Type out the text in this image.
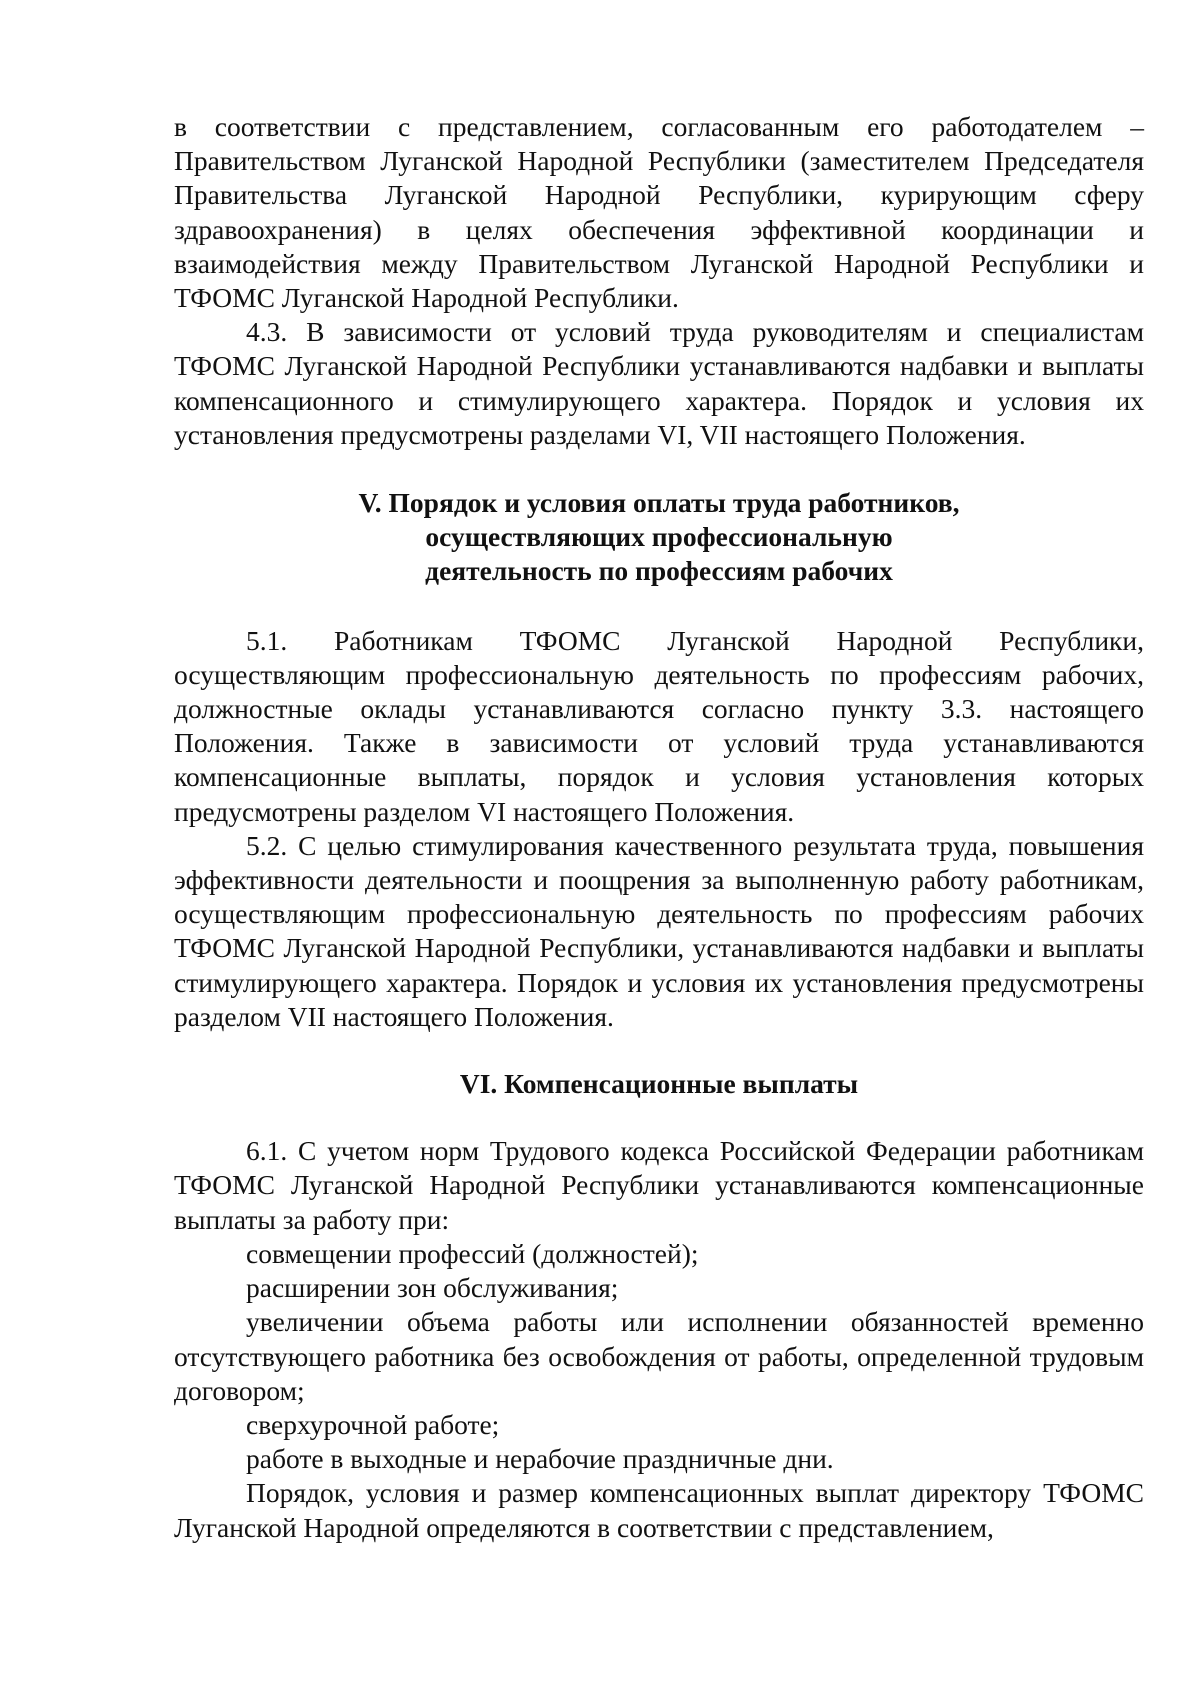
в соответствии с представлением, согласованным его работодателем – Правительством Луганской Народной Республики (заместителем Председателя Правительства Луганской Народной Республики, курирующим сферу здравоохранения) в целях обеспечения эффективной координации и взаимодействия между Правительством Луганской Народной Республики и ТФОМС Луганской Народной Республики.

4.3. В зависимости от условий труда руководителям и специалистам ТФОМС Луганской Народной Республики устанавливаются надбавки и выплаты компенсационного и стимулирующего характера. Порядок и условия их установления предусмотрены разделами VI, VII настоящего Положения.

V. Порядок и условия оплаты труда работников,

осуществляющих профессиональную

деятельность по профессиям рабочих

5.1. Работникам ТФОМС Луганской Народной Республики, осуществляющим профессиональную деятельность по профессиям рабочих, должностные оклады устанавливаются согласно пункту 3.3. настоящего Положения. Также в зависимости от условий труда устанавливаются компенсационные выплаты, порядок и условия установления которых предусмотрены разделом VI настоящего Положения.

5.2. С целью стимулирования качественного результата труда, повышения эффективности деятельности и поощрения за выполненную работу работникам, осуществляющим профессиональную деятельность по профессиям рабочих ТФОМС Луганской Народной Республики, устанавливаются надбавки и выплаты стимулирующего характера. Порядок и условия их установления предусмотрены разделом VII настоящего Положения.

VI. Компенсационные выплаты

6.1. С учетом норм Трудового кодекса Российской Федерации работникам ТФОМС Луганской Народной Республики устанавливаются компенсационные выплаты за работу при:

совмещении профессий (должностей);

расширении зон обслуживания;

увеличении объема работы или исполнении обязанностей временно отсутствующего работника без освобождения от работы, определенной трудовым договором;

сверхурочной работе;

работе в выходные и нерабочие праздничные дни.

Порядок, условия и размер компенсационных выплат директору ТФОМС Луганской Народной определяются в соответствии с представлением,
